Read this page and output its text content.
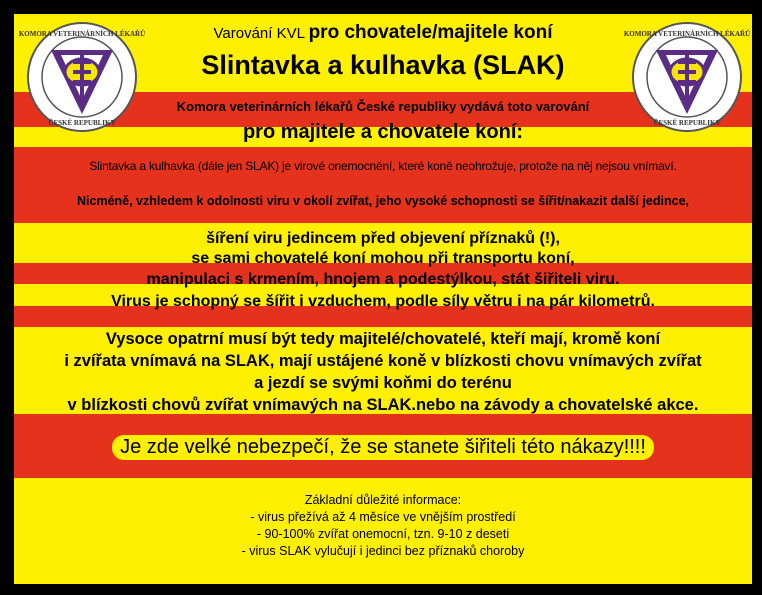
KOMORA VETERINÁRNÍCH LÉKAŘŮ
ČESKÉ REPUBLIKY
KOMORA VETERINÁRNÍCH LÉKAŘŮ
ČESKÉ REPUBLIKY
Varování KVL pro chovatele/majitele koní
Slintavka a kulhavka (SLAK)
Komora veterinárních lékařů České republiky vydává toto varování
pro majitele a chovatele koní:
Slintavka a kulhavka (dále jen SLAK) je virové onemocnění, které koně neohrožuje, protože na něj nejsou vnímaví.
Nicméně, vzhledem k odolnosti viru v okolí zvířat, jeho vysoké schopnosti se šířit/nakazit další jedince,
šíření viru jedincem před objevení příznaků (!),
se sami chovatelé koní mohou při transportu koní,
manipulaci s krmením, hnojem a podestýlkou, stát šiřiteli viru.
Virus je schopný se šířit i vzduchem, podle síly větru i na pár kilometrů.
Vysoce opatrní musí být tedy majitelé/chovatelé, kteří mají, kromě koní
i zvířata vnímavá na SLAK, mají ustájené koně v blízkosti chovu vnímavých zvířat
a jezdí se svými koňmi do terénu
v blízkosti chovů zvířat vnímavých na SLAK.nebo na závody a chovatelské akce.
Je zde velké nebezpečí, že se stanete šiřiteli této nákazy!!!!
Základní důležité informace:
- virus přežívá až 4 měsíce ve vnějším prostředí
- 90-100% zvířat onemocní, tzn. 9-10 z deseti
- virus SLAK vylučují i jedinci bez příznaků choroby
